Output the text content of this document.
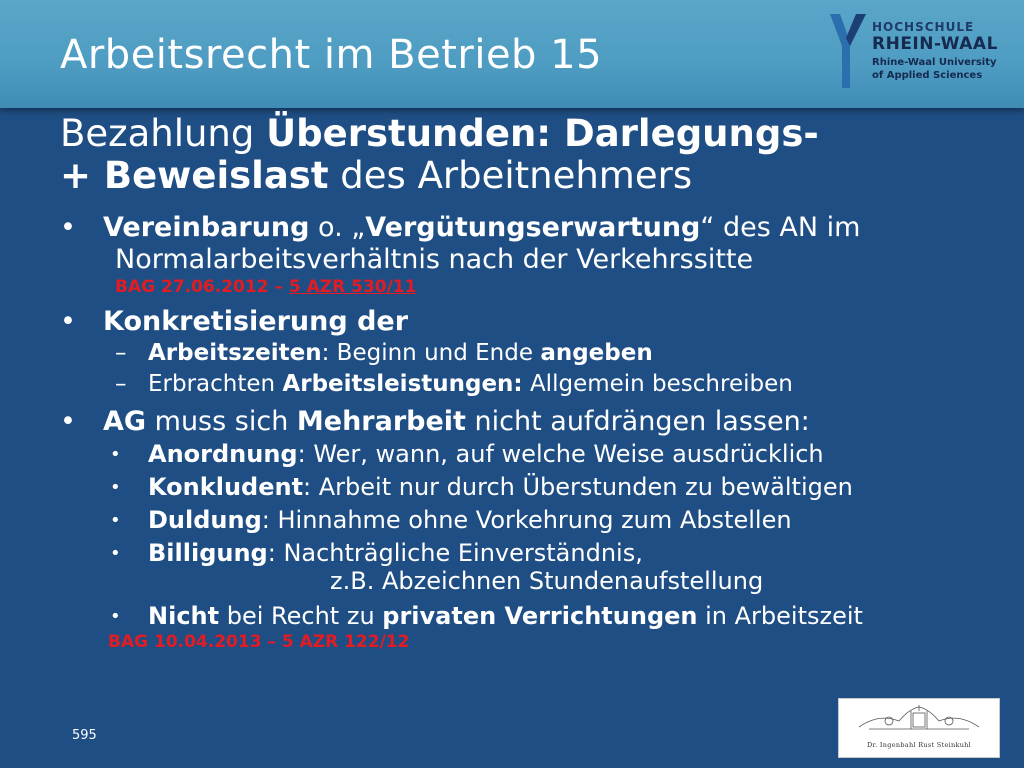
Arbeitsrecht im Betrieb 15
HOCHSCHULE
RHEIN-WAAL
Rhine-Waal University
of Applied Sciences
Bezahlung Überstunden: Darlegungs-
+ Beweislast des Arbeitnehmers
• Vereinbarung o. „Vergütungserwartung“ des AN im
Normalarbeitsverhältnis nach der Verkehrssitte
BAG 27.06.2012 – 5 AZR 530/11
• Konkretisierung der
– Arbeitszeiten: Beginn und Ende angeben
– Erbrachten Arbeitsleistungen: Allgemein beschreiben
• AG muss sich Mehrarbeit nicht aufdrängen lassen:
• Anordnung: Wer, wann, auf welche Weise ausdrücklich
• Konkludent: Arbeit nur durch Überstunden zu bewältigen
• Duldung: Hinnahme ohne Vorkehrung zum Abstellen
• Billigung: Nachträgliche Einverständnis,
z.B. Abzeichnen Stundenaufstellung
• Nicht bei Recht zu privaten Verrichtungen in Arbeitszeit
BAG 10.04.2013 – 5 AZR 122/12
595
Dr. Ingenbahl Rust Steinkuhl
